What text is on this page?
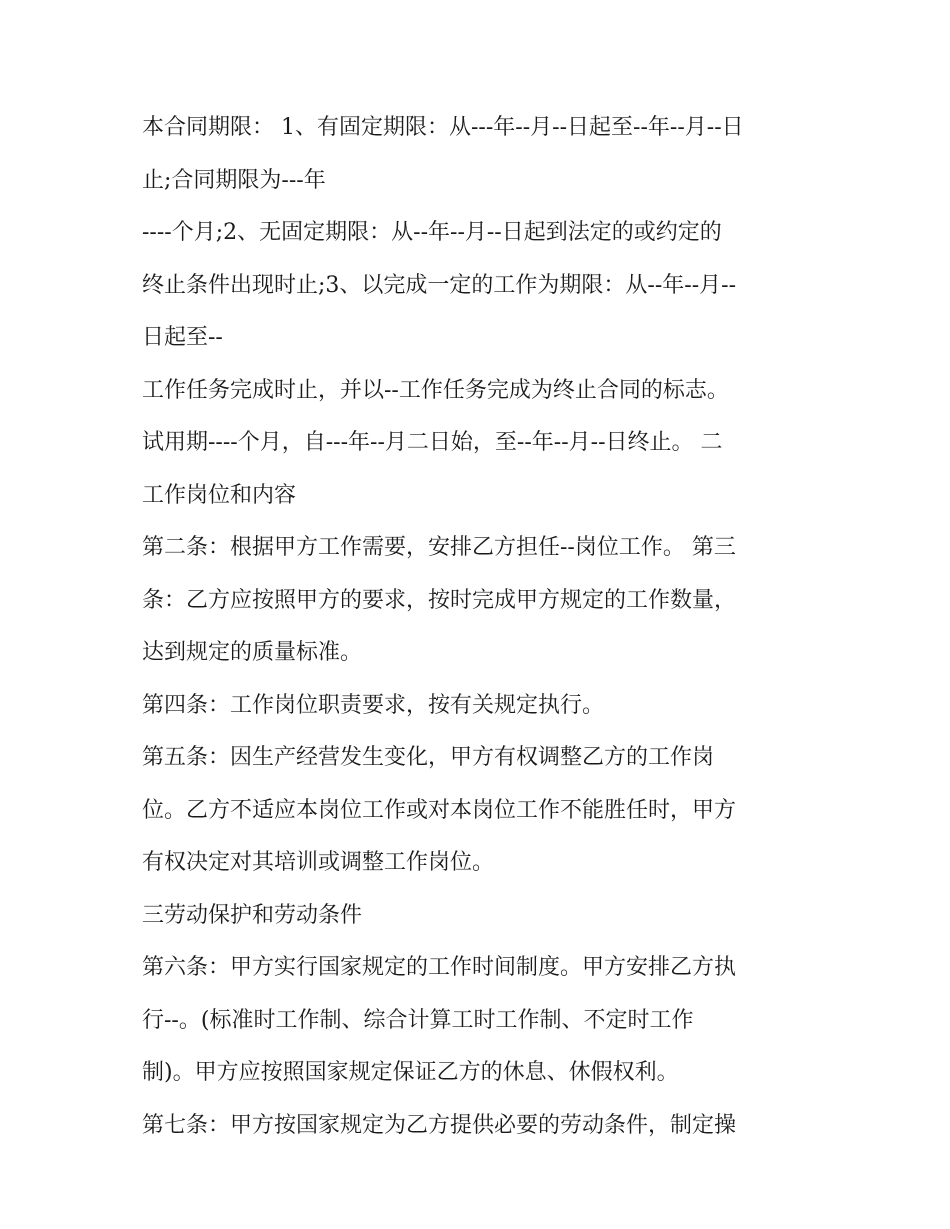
本合同期限： 1、有固定期限：从---年--月--日起至--年--月--日
止;合同期限为---年
----个月;2、无固定期限：从--年--月--日起到法定的或约定的
终止条件出现时止;3、以完成一定的工作为期限：从--年--月--
日起至--
工作任务完成时止，并以--工作任务完成为终止合同的标志。
试用期----个月，自---年--月二日始，至--年--月--日终止。 二
工作岗位和内容
第二条：根据甲方工作需要，安排乙方担任--岗位工作。 第三
条：乙方应按照甲方的要求，按时完成甲方规定的工作数量，
达到规定的质量标准。
第四条：工作岗位职责要求，按有关规定执行。
第五条：因生产经营发生变化，甲方有权调整乙方的工作岗
位。乙方不适应本岗位工作或对本岗位工作不能胜任时，甲方
有权决定对其培训或调整工作岗位。
三劳动保护和劳动条件
第六条：甲方实行国家规定的工作时间制度。甲方安排乙方执
行--。(标准时工作制、综合计算工时工作制、不定时工作
制)。甲方应按照国家规定保证乙方的休息、休假权利。
第七条：甲方按国家规定为乙方提供必要的劳动条件，制定操
